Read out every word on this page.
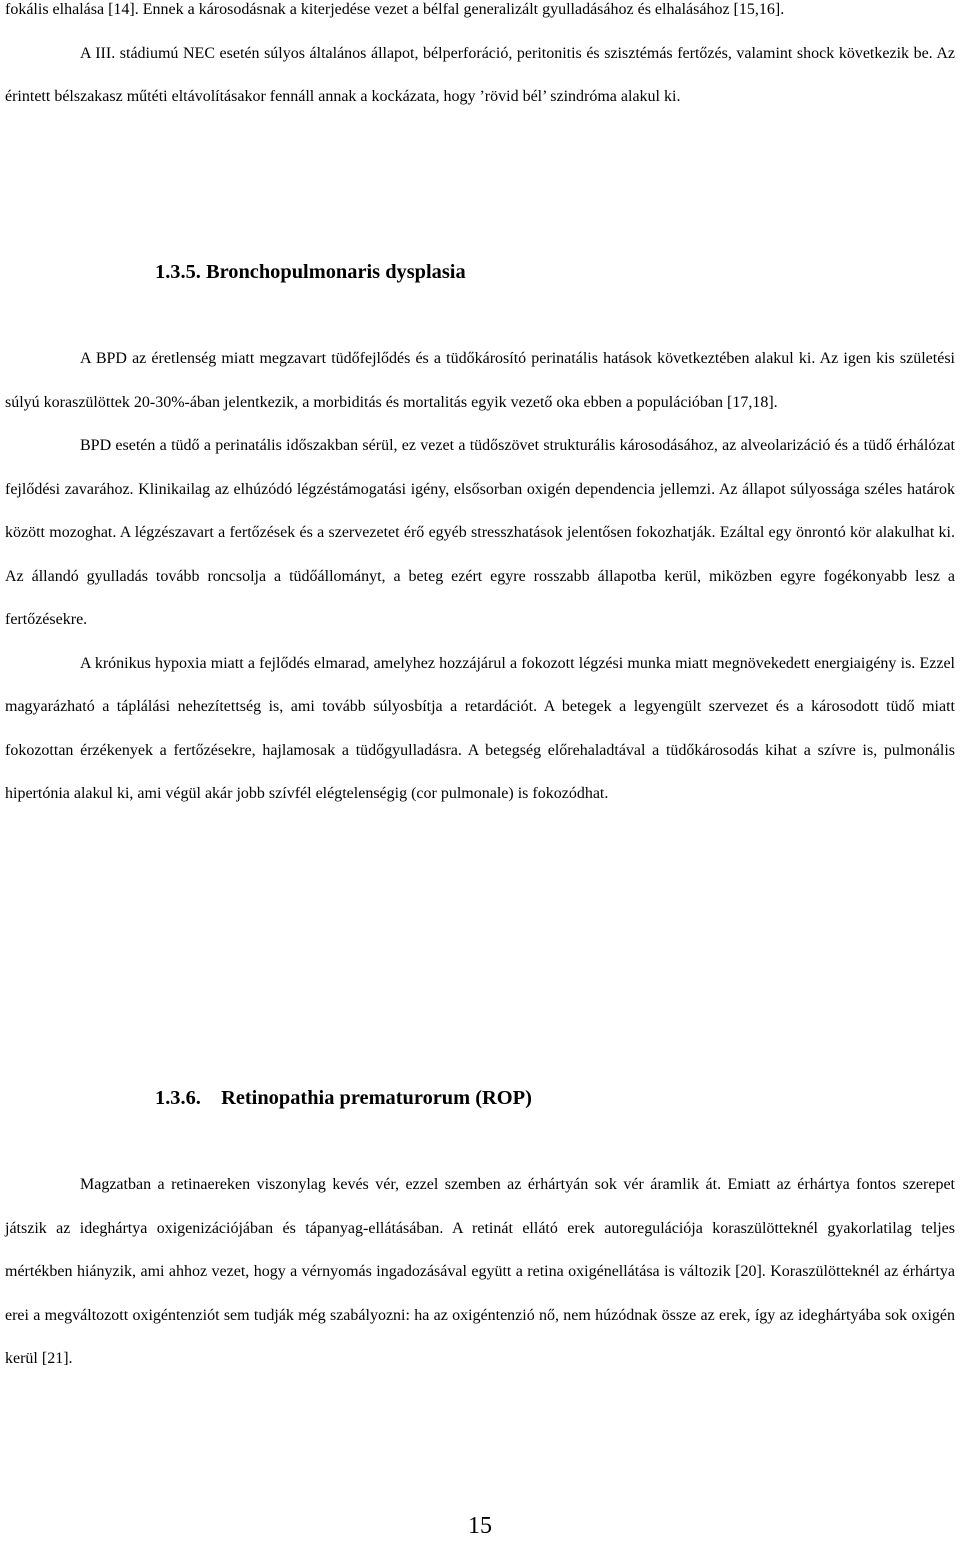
fokális elhalása [14]. Ennek a károsodásnak a kiterjedése vezet a bélfal generalizált gyulladásához és elhalásához [15,16].

A III. stádiumú NEC esetén súlyos általános állapot, bélperforáció, peritonitis és szisztémás fertőzés, valamint shock következik be. Az érintett bélszakasz műtéti eltávolításakor fennáll annak a kockázata, hogy ’rövid bél’ szindróma alakul ki.

1.3.5. Bronchopulmonaris dysplasia

A BPD az éretlenség miatt megzavart tüdőfejlődés és a tüdőkárosító perinatális hatások következtében alakul ki. Az igen kis születési súlyú koraszülöttek 20-30%-ában jelentkezik, a morbiditás és mortalitás egyik vezető oka ebben a populációban [17,18].

BPD esetén a tüdő a perinatális időszakban sérül, ez vezet a tüdőszövet strukturális károsodásához, az alveolarizáció és a tüdő érhálózat fejlődési zavarához. Klinikailag az elhúzódó légzéstámogatási igény, elsősorban oxigén dependencia jellemzi. Az állapot súlyossága széles határok között mozoghat. A légzészavart a fertőzések és a szervezetet érő egyéb stresszhatások jelentősen fokozhatják. Ezáltal egy önrontó kör alakulhat ki. Az állandó gyulladás tovább roncsolja a tüdőállományt, a beteg ezért egyre rosszabb állapotba kerül, miközben egyre fogékonyabb lesz a fertőzésekre.

A krónikus hypoxia miatt a fejlődés elmarad, amelyhez hozzájárul a fokozott légzési munka miatt megnövekedett energiaigény is. Ezzel magyarázható a táplálási nehezítettség is, ami tovább súlyosbítja a retardációt. A betegek a legyengült szervezet és a károsodott tüdő miatt fokozottan érzékenyek a fertőzésekre, hajlamosak a tüdőgyulladásra. A betegség előrehaladtával a tüdőkárosodás kihat a szívre is, pulmonális hipertónia alakul ki, ami végül akár jobb szívfél elégtelenségig (cor pulmonale) is fokozódhat.

1.3.6. Retinopathia prematurorum (ROP)

Magzatban a retinaereken viszonylag kevés vér, ezzel szemben az érhártyán sok vér áramlik át. Emiatt az érhártya fontos szerepet játszik az ideghártya oxigenizációjában és tápanyag-ellátásában. A retinát ellátó erek autoregulációja koraszülötteknél gyakorlatilag teljes mértékben hiányzik, ami ahhoz vezet, hogy a vérnyomás ingadozásával együtt a retina oxigénellátása is változik [20]. Koraszülötteknél az érhártya erei a megváltozott oxigéntenziót sem tudják még szabályozni: ha az oxigéntenzió nő, nem húzódnak össze az erek, így az ideghártyába sok oxigén kerül [21].

15
